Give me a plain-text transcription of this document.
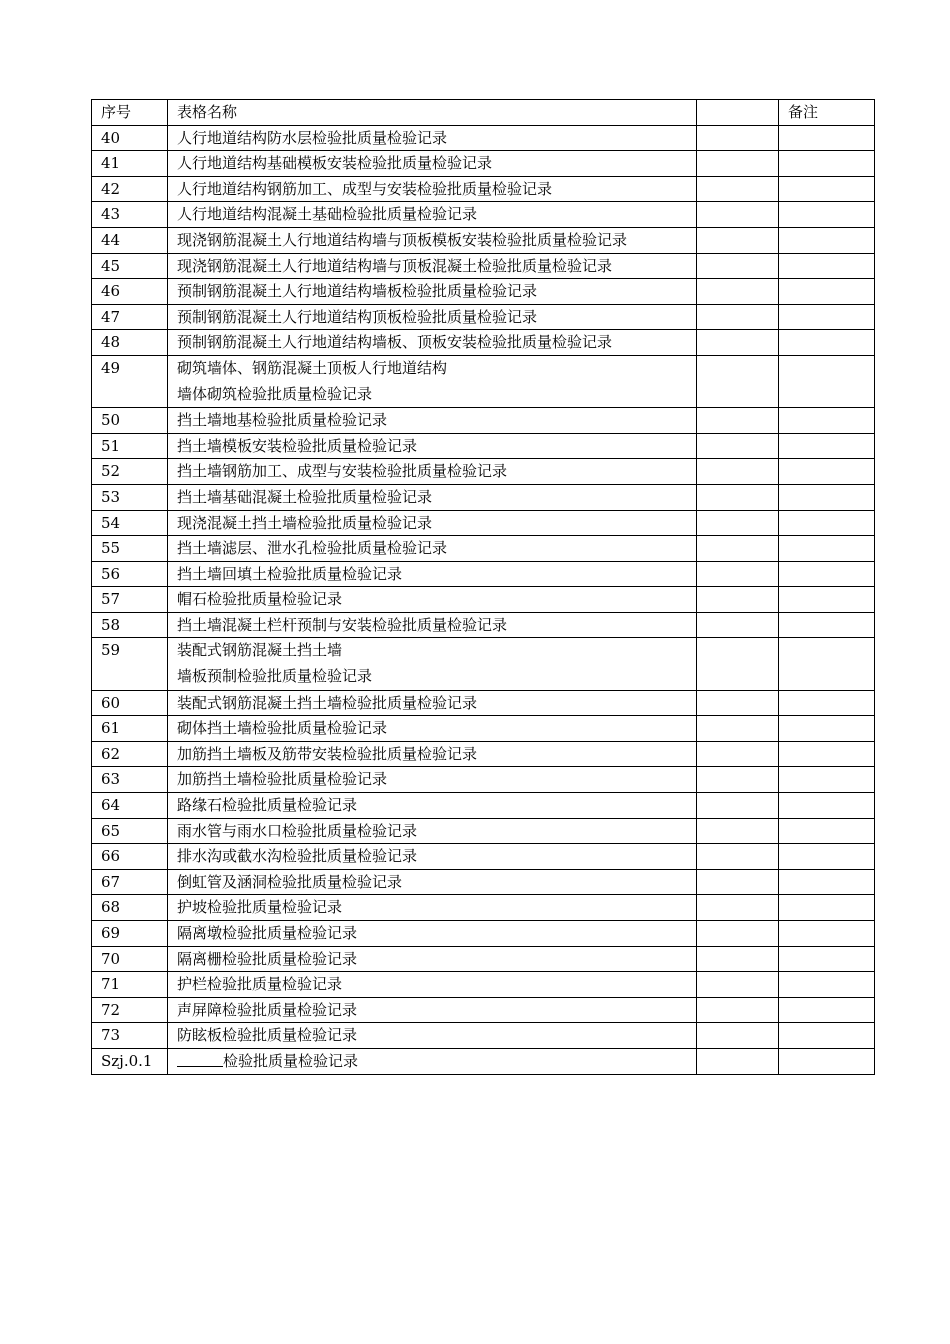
序号	表格名称		备注
40	人行地道结构防水层检验批质量检验记录		
41	人行地道结构基础模板安装检验批质量检验记录		
42	人行地道结构钢筋加工、成型与安装检验批质量检验记录		
43	人行地道结构混凝土基础检验批质量检验记录		
44	现浇钢筋混凝土人行地道结构墙与顶板模板安装检验批质量检验记录		
45	现浇钢筋混凝土人行地道结构墙与顶板混凝土检验批质量检验记录		
46	预制钢筋混凝土人行地道结构墙板检验批质量检验记录		
47	预制钢筋混凝土人行地道结构顶板检验批质量检验记录		
48	预制钢筋混凝土人行地道结构墙板、顶板安装检验批质量检验记录		
49	砌筑墙体、钢筋混凝土顶板人行地道结构
墙体砌筑检验批质量检验记录		

50	挡土墙地基检验批质量检验记录		
51	挡土墙模板安装检验批质量检验记录		
52	挡土墙钢筋加工、成型与安装检验批质量检验记录		
53	挡土墙基础混凝土检验批质量检验记录		
54	现浇混凝土挡土墙检验批质量检验记录		
55	挡土墙滤层、泄水孔检验批质量检验记录		
56	挡土墙回填土检验批质量检验记录		
57	帽石检验批质量检验记录		
58	挡土墙混凝土栏杆预制与安装检验批质量检验记录		
59	装配式钢筋混凝土挡土墙
墙板预制检验批质量检验记录		

60	装配式钢筋混凝土挡土墙检验批质量检验记录		
61	砌体挡土墙检验批质量检验记录		
62	加筋挡土墙板及筋带安装检验批质量检验记录		
63	加筋挡土墙检验批质量检验记录		
64	路缘石检验批质量检验记录		
65	雨水管与雨水口检验批质量检验记录		
66	排水沟或截水沟检验批质量检验记录		
67	倒虹管及涵洞检验批质量检验记录		
68	护坡检验批质量检验记录		
69	隔离墩检验批质量检验记录		
70	隔离栅检验批质量检验记录		
71	护栏检验批质量检验记录		
72	声屏障检验批质量检验记录		
73	防眩板检验批质量检验记录		
Szj.0.1	检验批质量检验记录		
